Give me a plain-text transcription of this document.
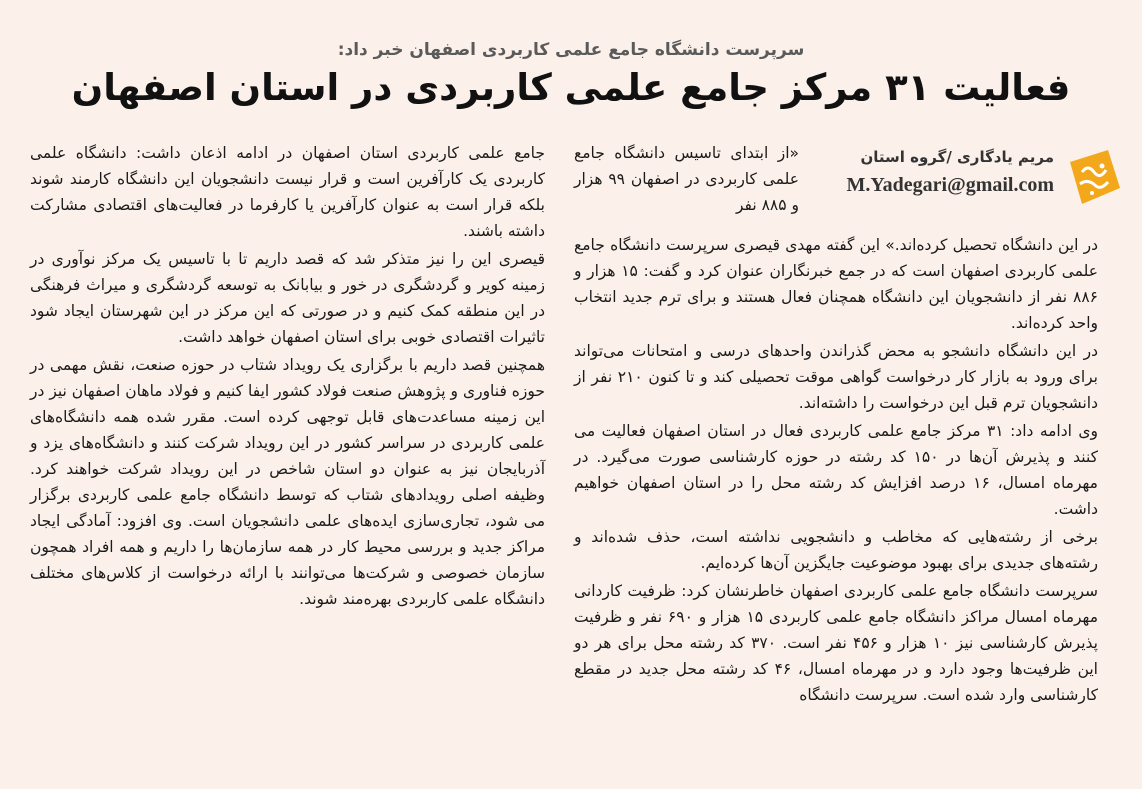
سرپرست دانشگاه جامع علمی کاربردی اصفهان خبر داد:
فعالیت ۳۱ مرکز جامع علمی کاربردی در استان اصفهان
مریم یادگاری /گروه استان
M.Yadegari@gmail.com

«از ابتدای تاسیس دانشگاه جامع علمی کاربردی در اصفهان ۹۹ هزار و ۸۸۵ نفر

در این دانشگاه تحصیل کرده‌اند.» این گفته مهدی قیصری سرپرست دانشگاه جامع علمی کاربردی اصفهان است که در جمع خبرنگاران عنوان کرد و گفت: ۱۵ هزار و ۸۸۶ نفر از دانشجویان این دانشگاه همچنان فعال هستند و برای ترم جدید انتخاب واحد کرده‌اند.

در این دانشگاه دانشجو به محض گذراندن واحدهای درسی و امتحانات می‌تواند برای ورود به بازار کار درخواست گواهی موقت تحصیلی کند و تا کنون ۲۱۰ نفر از دانشجویان ترم قبل این درخواست را داشته‌اند.

وی ادامه داد: ۳۱ مرکز جامع علمی کاربردی فعال در استان اصفهان فعالیت می کنند و پذیرش آن‌ها در ۱۵۰ کد رشته در حوزه کارشناسی صورت می‌گیرد. در مهرماه امسال، ۱۶ درصد افزایش کد رشته محل را در استان اصفهان خواهیم داشت.

برخی از رشته‌هایی که مخاطب و دانشجویی نداشته است، حذف شده‌اند و رشته‌های جدیدی برای بهبود موضوعیت جایگزین آن‌ها کرده‌ایم.

سرپرست دانشگاه جامع علمی کاربردی اصفهان خاطرنشان کرد: ظرفیت کاردانی مهرماه امسال مراکز دانشگاه جامع علمی کاربردی ۱۵ هزار و ۶۹۰ نفر و ظرفیت پذیرش کارشناسی نیز ۱۰ هزار و ۴۵۶ نفر است. ۳۷۰ کد رشته محل برای هر دو این ظرفیت‌ها وجود دارد و در مهرماه امسال، ۴۶ کد رشته محل جدید در مقطع کارشناسی وارد شده است. سرپرست دانشگاه

جامع علمی کاربردی استان اصفهان در ادامه اذعان داشت: دانشگاه علمی کاربردی یک کارآفرین است و قرار نیست دانشجویان این دانشگاه کارمند شوند بلکه قرار است به عنوان کارآفرین یا کارفرما در فعالیت‌های اقتصادی مشارکت داشته باشند.

قیصری این را نیز متذکر شد که قصد داریم تا با تاسیس یک مرکز نوآوری در زمینه کویر و گردشگری در خور و بیابانک به توسعه گردشگری و میراث فرهنگی در این منطقه کمک کنیم و در صورتی که این مرکز در این شهرستان ایجاد شود تاثیرات اقتصادی خوبی برای استان اصفهان خواهد داشت.

همچنین قصد داریم با برگزاری یک رویداد شتاب در حوزه صنعت، نقش مهمی در حوزه فناوری و پژوهش صنعت فولاد کشور ایفا کنیم و فولاد ماهان اصفهان نیز در این زمینه مساعدت‌های قابل توجهی کرده است. مقرر شده همه دانشگاه‌های علمی کاربردی در سراسر کشور در این رویداد شرکت کنند و دانشگاه‌های یزد و آذربایجان نیز به عنوان دو استان شاخص در این رویداد شرکت خواهند کرد. وظیفه اصلی رویدادهای شتاب که توسط دانشگاه جامع علمی کاربردی برگزار می شود، تجاری‌سازی ایده‌های علمی دانشجویان است. وی افزود: آمادگی ایجاد مراکز جدید و بررسی محیط کار در همه سازمان‌ها را داریم و همه افراد همچون سازمان خصوصی و شرکت‌ها می‌توانند با ارائه درخواست از کلاس‌های مختلف دانشگاه علمی کاربردی بهره‌مند شوند.
